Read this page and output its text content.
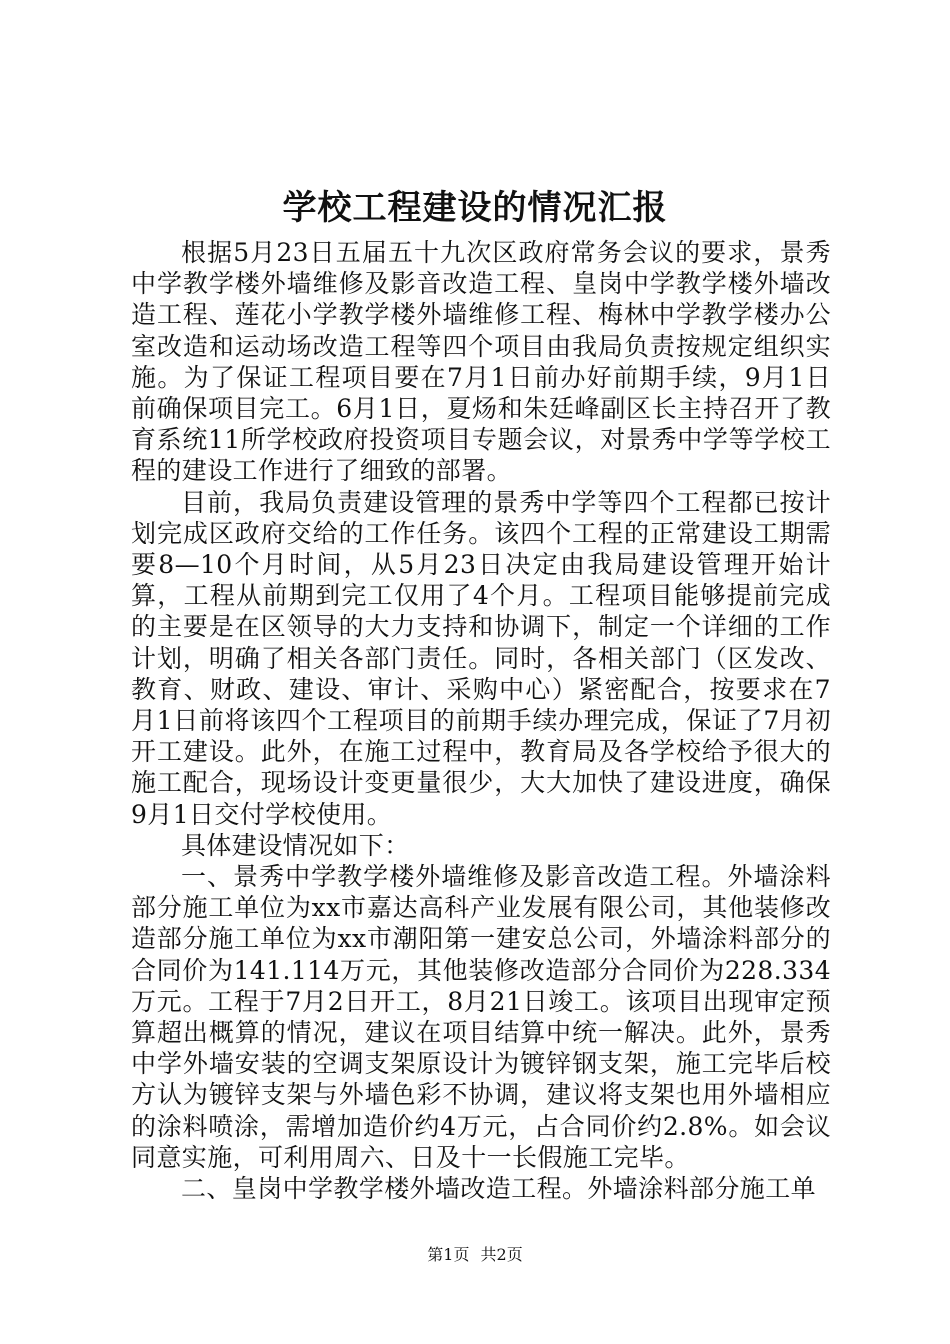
学校工程建设的情况汇报

根据5月23日五届五十九次区政府常务会议的要求，景秀中学教学楼外墙维修及影音改造工程、皇岗中学教学楼外墙改造工程、莲花小学教学楼外墙维修工程、梅林中学教学楼办公室改造和运动场改造工程等四个项目由我局负责按规定组织实施。为了保证工程项目要在7月1日前办好前期手续，9月1日前确保项目完工。6月1日，夏炀和朱廷峰副区长主持召开了教育系统11所学校政府投资项目专题会议，对景秀中学等学校工程的建设工作进行了细致的部署。

目前，我局负责建设管理的景秀中学等四个工程都已按计划完成区政府交给的工作任务。该四个工程的正常建设工期需要8—10个月时间，从5月23日决定由我局建设管理开始计算，工程从前期到完工仅用了4个月。工程项目能够提前完成的主要是在区领导的大力支持和协调下，制定一个详细的工作计划，明确了相关各部门责任。同时，各相关部门（区发改、教育、财政、建设、审计、采购中心）紧密配合，按要求在7月1日前将该四个工程项目的前期手续办理完成，保证了7月初开工建设。此外，在施工过程中，教育局及各学校给予很大的施工配合，现场设计变更量很少，大大加快了建设进度，确保9月1日交付学校使用。

具体建设情况如下：

一、景秀中学教学楼外墙维修及影音改造工程。外墙涂料部分施工单位为xx市嘉达高科产业发展有限公司，其他装修改造部分施工单位为xx市潮阳第一建安总公司，外墙涂料部分的合同价为141.114万元，其他装修改造部分合同价为228.334万元。工程于7月2日开工，8月21日竣工。该项目出现审定预算超出概算的情况，建议在项目结算中统一解决。此外，景秀中学外墙安装的空调支架原设计为镀锌钢支架，施工完毕后校方认为镀锌支架与外墙色彩不协调，建议将支架也用外墙相应的涂料喷涂，需增加造价约4万元，占合同价约2.8%。如会议同意实施，可利用周六、日及十一长假施工完毕。

二、皇岗中学教学楼外墙改造工程。外墙涂料部分施工单

第1页 共2页
